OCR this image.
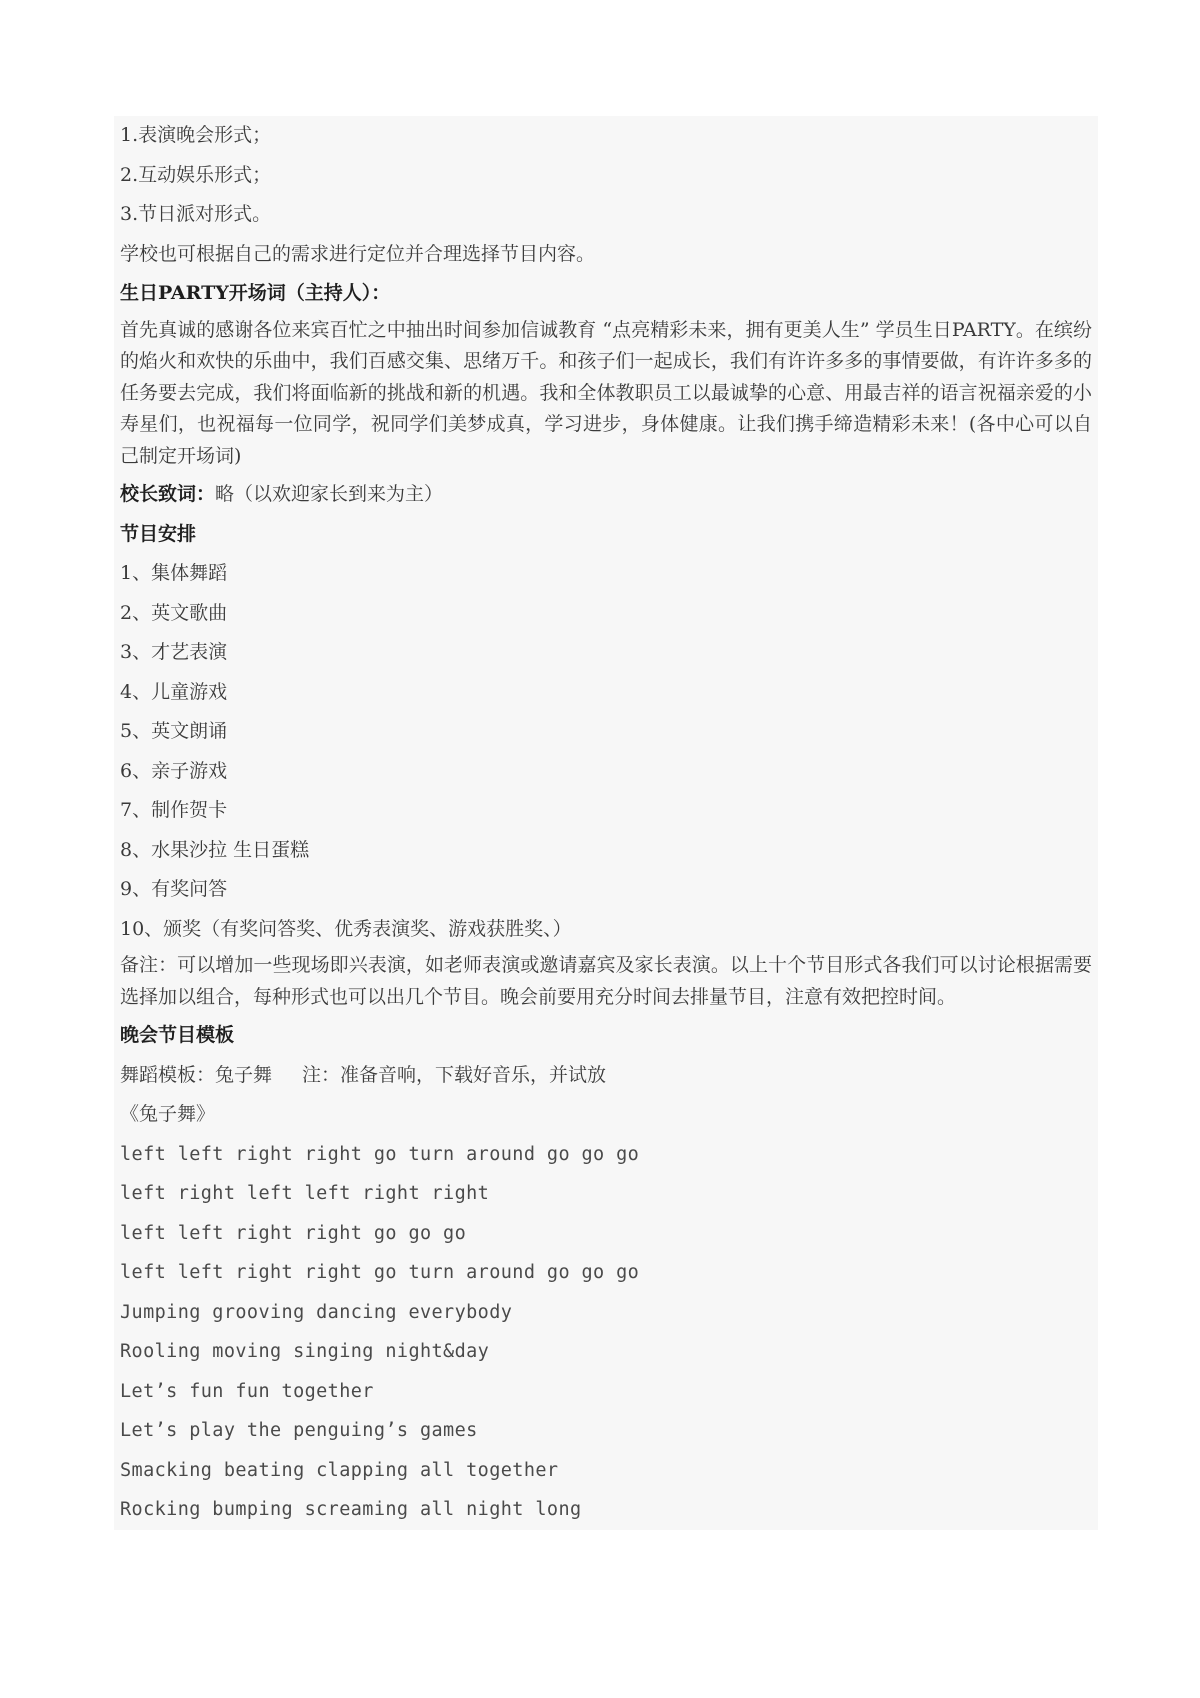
1.表演晚会形式；
2.互动娱乐形式；
3.节日派对形式。
学校也可根据自己的需求进行定位并合理选择节目内容。
生日PARTY开场词（主持人）：

首先真诚的感谢各位来宾百忙之中抽出时间参加信诚教育 “点亮精彩未来，拥有更美人生” 学员生日PARTY。在缤纷的焰火和欢快的乐曲中，我们百感交集、思绪万千。和孩子们一起成长，我们有许许多多的事情要做，有许许多多的任务要去完成，我们将面临新的挑战和新的机遇。我和全体教职员工以最诚挚的心意、用最吉祥的语言祝福亲爱的小寿星们，也祝福每一位同学，祝同学们美梦成真，学习进步，身体健康。让我们携手缔造精彩未来！(各中心可以自己制定开场词)

校长致词：略（以欢迎家长到来为主）
节目安排
1、集体舞蹈
2、英文歌曲
3、才艺表演
4、儿童游戏
5、英文朗诵
6、亲子游戏
7、制作贺卡
8、水果沙拉 生日蛋糕
9、有奖问答
10、颁奖（有奖问答奖、优秀表演奖、游戏获胜奖、）

备注：可以增加一些现场即兴表演，如老师表演或邀请嘉宾及家长表演。以上十个节目形式各我们可以讨论根据需要选择加以组合，每种形式也可以出几个节目。晚会前要用充分时间去排量节目，注意有效把控时间。

晚会节目模板
舞蹈模板：兔子舞 注：准备音响，下载好音乐，并试放
《兔子舞》
left left right right go turn around go go go
left right left left right right
left left right right go go go
left left right right go turn around go go go
Jumping grooving dancing everybody
Rooling moving singing night&day
Let’s fun fun together
Let’s play the penguing’s games
Smacking beating clapping all together
Rocking bumping screaming all night long
